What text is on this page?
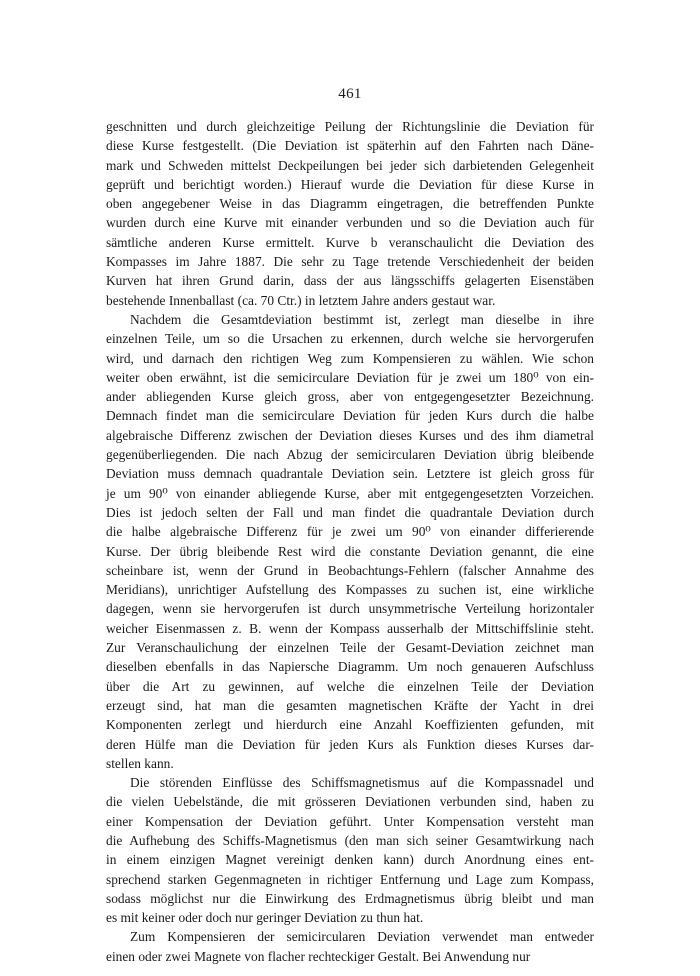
461
geschnitten und durch gleichzeitige Peilung der Richtungslinie die Deviation für
diese Kurse festgestellt. (Die Deviation ist späterhin auf den Fahrten nach Däne-
mark und Schweden mittelst Deckpeilungen bei jeder sich darbietenden Gelegenheit
geprüft und berichtigt worden.) Hierauf wurde die Deviation für diese Kurse in
oben angegebener Weise in das Diagramm eingetragen, die betreffenden Punkte
wurden durch eine Kurve mit einander verbunden und so die Deviation auch für
sämtliche anderen Kurse ermittelt. Kurve b veranschaulicht die Deviation des
Kompasses im Jahre 1887. Die sehr zu Tage tretende Verschiedenheit der beiden
Kurven hat ihren Grund darin, dass der aus längsschiffs gelagerten Eisenstäben
bestehende Innenballast (ca. 70 Ctr.) in letztem Jahre anders gestaut war.
Nachdem die Gesamtdeviation bestimmt ist, zerlegt man dieselbe in ihre
einzelnen Teile, um so die Ursachen zu erkennen, durch welche sie hervorgerufen
wird, und darnach den richtigen Weg zum Kompensieren zu wählen. Wie schon
weiter oben erwähnt, ist die semicirculare Deviation für je zwei um 180⁰ von ein-
ander abliegenden Kurse gleich gross, aber von entgegengesetzter Bezeichnung.
Demnach findet man die semicirculare Deviation für jeden Kurs durch die halbe
algebraische Differenz zwischen der Deviation dieses Kurses und des ihm diametral
gegenüberliegenden. Die nach Abzug der semicircularen Deviation übrig bleibende
Deviation muss demnach quadrantale Deviation sein. Letztere ist gleich gross für
je um 90⁰ von einander abliegende Kurse, aber mit entgegengesetzten Vorzeichen.
Dies ist jedoch selten der Fall und man findet die quadrantale Deviation durch
die halbe algebraische Differenz für je zwei um 90⁰ von einander differierende
Kurse. Der übrig bleibende Rest wird die constante Deviation genannt, die eine
scheinbare ist, wenn der Grund in Beobachtungs-Fehlern (falscher Annahme des
Meridians), unrichtiger Aufstellung des Kompasses zu suchen ist, eine wirkliche
dagegen, wenn sie hervorgerufen ist durch unsymmetrische Verteilung horizontaler
weicher Eisenmassen z. B. wenn der Kompass ausserhalb der Mittschiffslinie steht.
Zur Veranschaulichung der einzelnen Teile der Gesamt-Deviation zeichnet man
dieselben ebenfalls in das Napiersche Diagramm. Um noch genaueren Aufschluss
über die Art zu gewinnen, auf welche die einzelnen Teile der Deviation
erzeugt sind, hat man die gesamten magnetischen Kräfte der Yacht in drei
Komponenten zerlegt und hierdurch eine Anzahl Koeffizienten gefunden, mit
deren Hülfe man die Deviation für jeden Kurs als Funktion dieses Kurses dar-
stellen kann.
Die störenden Einflüsse des Schiffsmagnetismus auf die Kompassnadel und
die vielen Uebelstände, die mit grösseren Deviationen verbunden sind, haben zu
einer Kompensation der Deviation geführt. Unter Kompensation versteht man
die Aufhebung des Schiffs-Magnetismus (den man sich seiner Gesamtwirkung nach
in einem einzigen Magnet vereinigt denken kann) durch Anordnung eines ent-
sprechend starken Gegenmagneten in richtiger Entfernung und Lage zum Kompass,
sodass möglichst nur die Einwirkung des Erdmagnetismus übrig bleibt und man
es mit keiner oder doch nur geringer Deviation zu thun hat.
Zum Kompensieren der semicircularen Deviation verwendet man entweder
einen oder zwei Magnete von flacher rechteckiger Gestalt. Bei Anwendung nur
